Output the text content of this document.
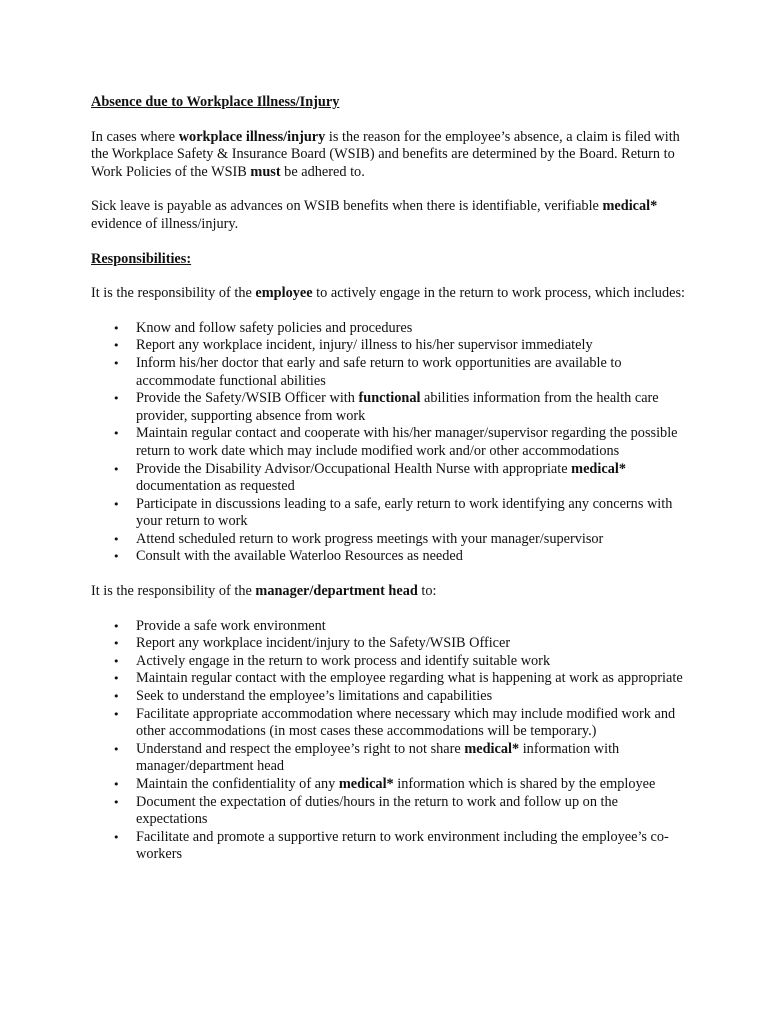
Absence due to Workplace Illness/Injury

In cases where workplace illness/injury is the reason for the employee’s absence, a claim is filed with the Workplace Safety & Insurance Board (WSIB) and benefits are determined by the Board. Return to Work Policies of the WSIB must be adhered to.

Sick leave is payable as advances on WSIB benefits when there is identifiable, verifiable medical* evidence of illness/injury.

Responsibilities:

It is the responsibility of the employee to actively engage in the return to work process, which includes:

• Know and follow safety policies and procedures
• Report any workplace incident, injury/ illness to his/her supervisor immediately
• Inform his/her doctor that early and safe return to work opportunities are available to accommodate functional abilities
• Provide the Safety/WSIB Officer with functional abilities information from the health care provider, supporting absence from work
• Maintain regular contact and cooperate with his/her manager/supervisor regarding the possible return to work date which may include modified work and/or other accommodations
• Provide the Disability Advisor/Occupational Health Nurse with appropriate medical* documentation as requested
• Participate in discussions leading to a safe, early return to work identifying any concerns with your return to work
• Attend scheduled return to work progress meetings with your manager/supervisor
• Consult with the available Waterloo Resources as needed

It is the responsibility of the manager/department head to:

• Provide a safe work environment
• Report any workplace incident/injury to the Safety/WSIB Officer
• Actively engage in the return to work process and identify suitable work
• Maintain regular contact with the employee regarding what is happening at work as appropriate
• Seek to understand the employee’s limitations and capabilities
• Facilitate appropriate accommodation where necessary which may include modified work and other accommodations (in most cases these accommodations will be temporary.)
• Understand and respect the employee’s right to not share medical* information with manager/department head
• Maintain the confidentiality of any medical* information which is shared by the employee
• Document the expectation of duties/hours in the return to work and follow up on the expectations
• Facilitate and promote a supportive return to work environment including the employee’s co-workers
